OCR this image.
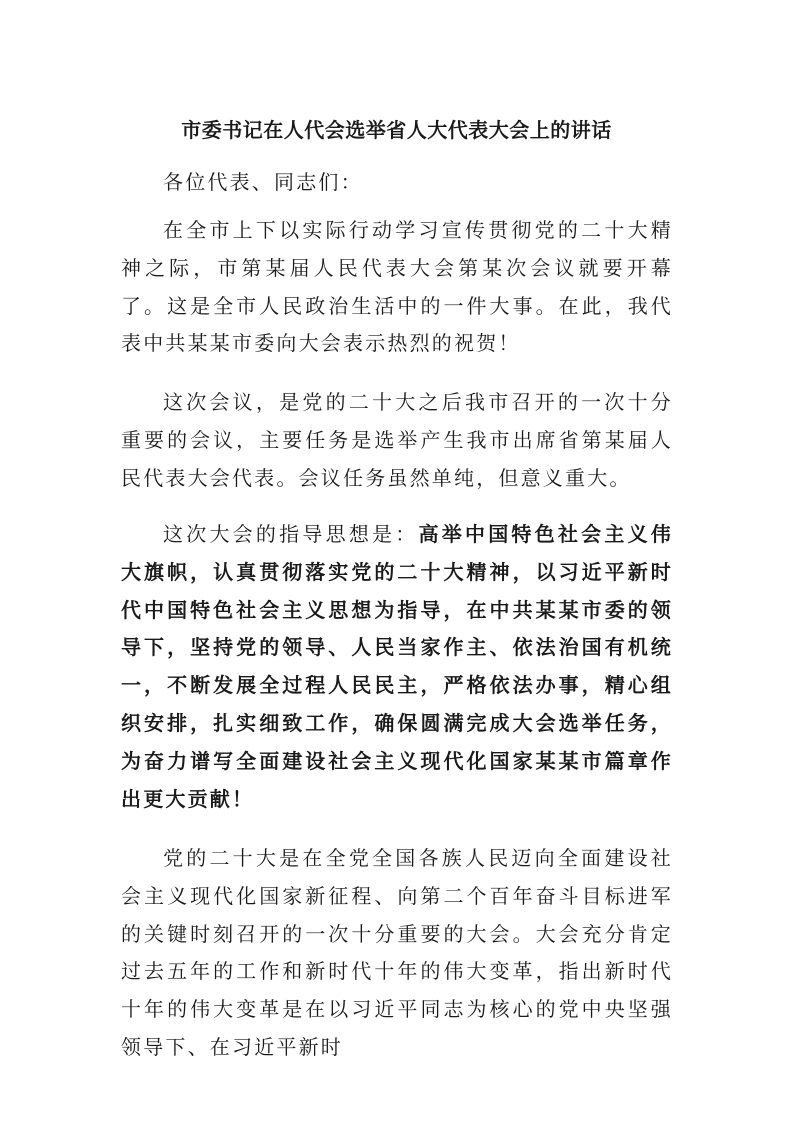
市委书记在人代会选举省人大代表大会上的讲话
各位代表、同志们：

在全市上下以实际行动学习宣传贯彻党的二十大精神之际，市第某届人民代表大会第某次会议就要开幕了。这是全市人民政治生活中的一件大事。在此，我代表中共某某市委向大会表示热烈的祝贺！

这次会议，是党的二十大之后我市召开的一次十分重要的会议，主要任务是选举产生我市出席省第某届人民代表大会代表。会议任务虽然单纯，但意义重大。

这次大会的指导思想是：高举中国特色社会主义伟大旗帜，认真贯彻落实党的二十大精神，以习近平新时代中国特色社会主义思想为指导，在中共某某市委的领导下，坚持党的领导、人民当家作主、依法治国有机统一，不断发展全过程人民民主，严格依法办事，精心组织安排，扎实细致工作，确保圆满完成大会选举任务，为奋力谱写全面建设社会主义现代化国家某某市篇章作出更大贡献！

党的二十大是在全党全国各族人民迈向全面建设社会主义现代化国家新征程、向第二个百年奋斗目标进军的关键时刻召开的一次十分重要的大会。大会充分肯定过去五年的工作和新时代十年的伟大变革，指出新时代十年的伟大变革是在以习近平同志为核心的党中央坚强领导下、在习近平新时
